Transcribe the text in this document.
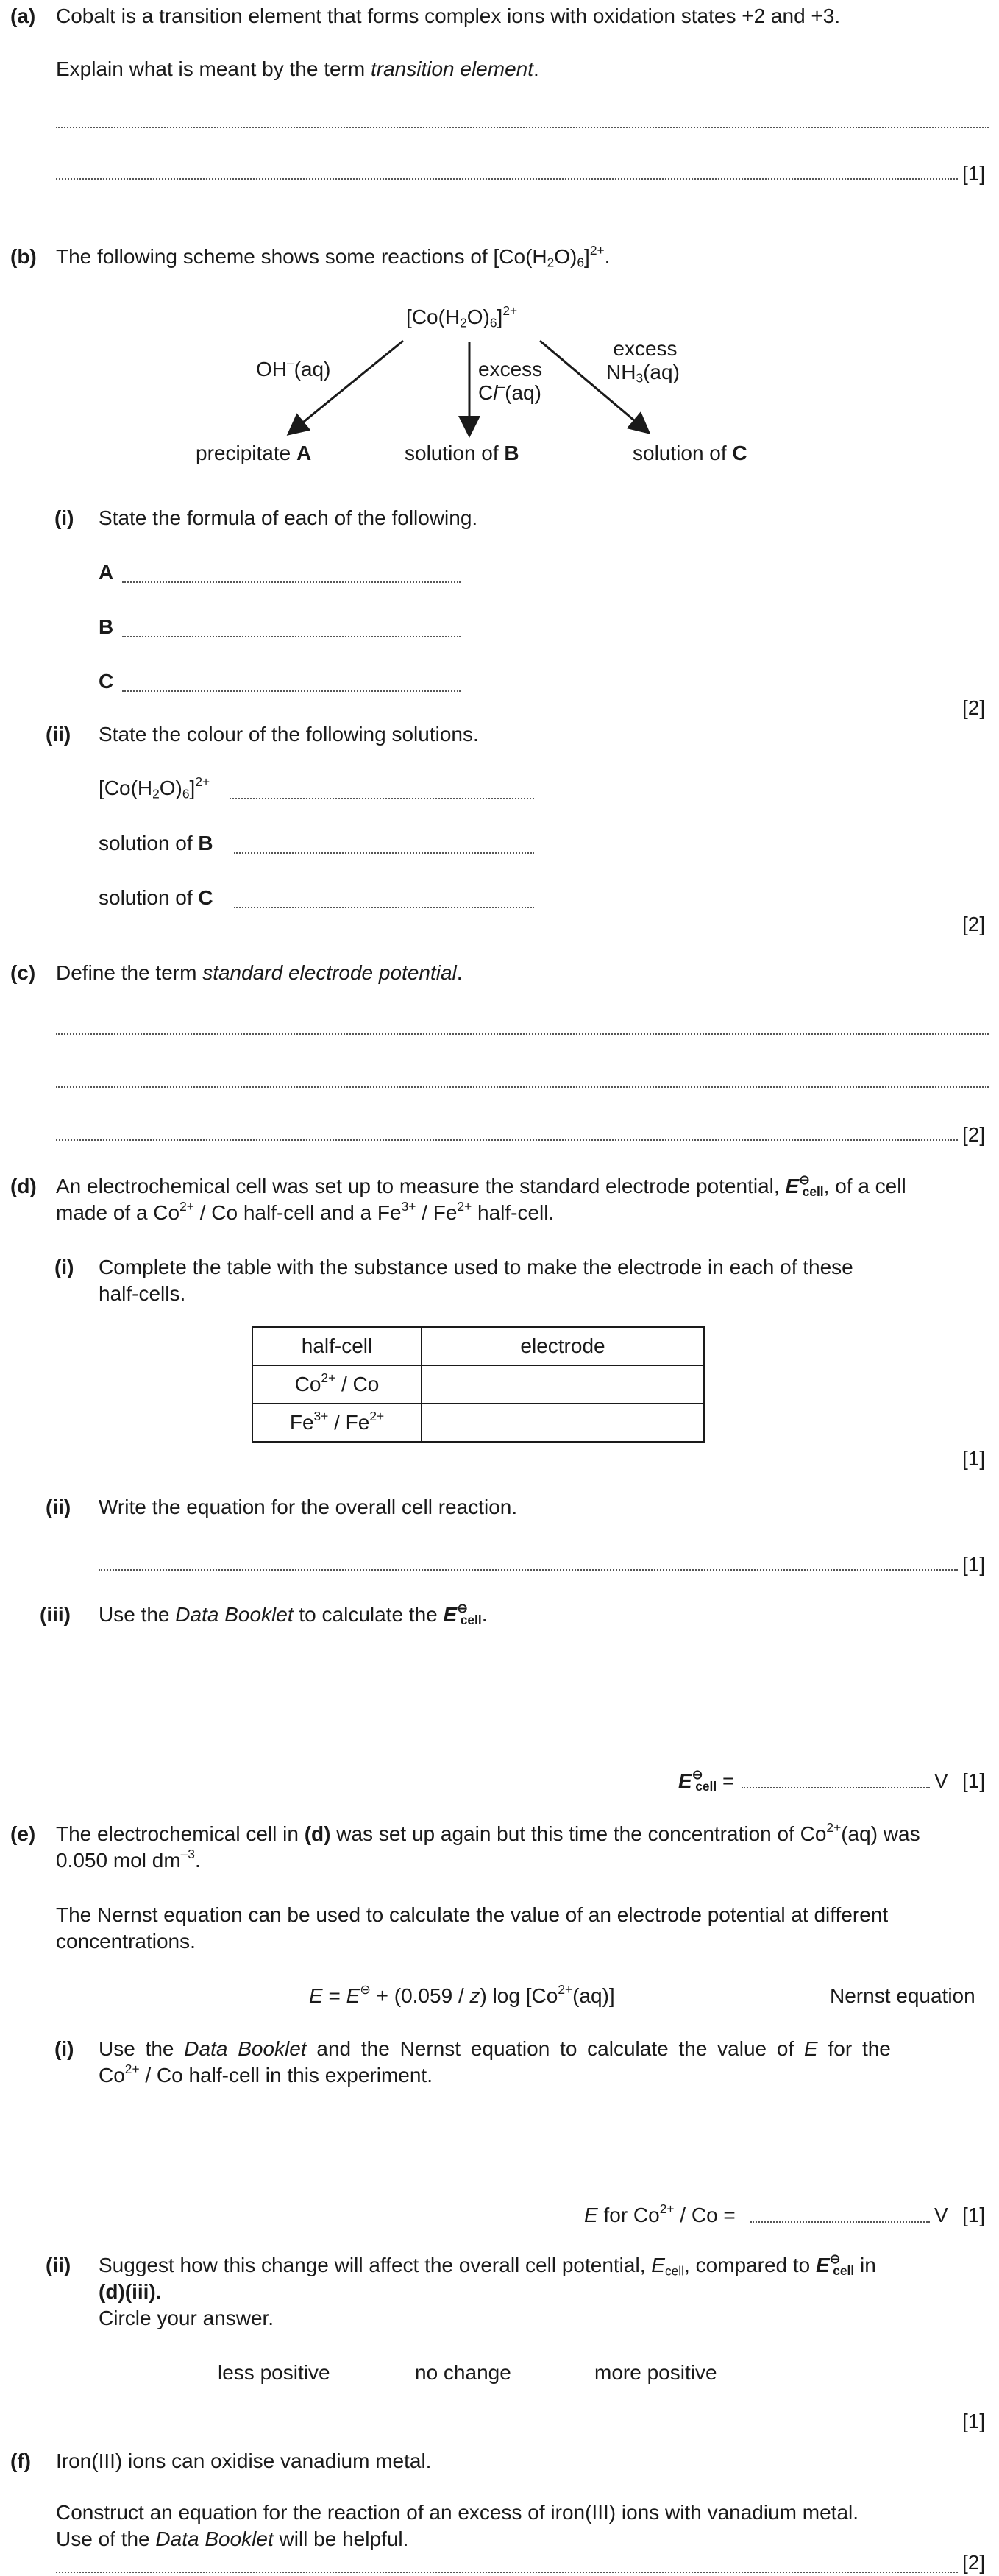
(a) Cobalt is a transition element that forms complex ions with oxidation states +2 and +3.
Explain what is meant by the term transition element.
[1]
(b) The following scheme shows some reactions of $[Co(H_2O)_6]^{2+}$.
$[Co(H_2O)_6]^{2+}$
OH–(aq)	excess
Cl–(aq)
excess
$NH_3(aq)$
precipitate A	solution of B	solution of C
(i) State the formula of each of the following.
A
B
C
[2]
(ii) State the colour of the following solutions.
$[Co(H_2O)_6]^{2+}$
solution of B
solution of C
[2]
(c) Define the term standard electrode potential.
[2]
(d) An electrochemical cell was set up to measure the standard electrode potential, $E^⊖_{cell}$, of a cell
made of a $Co^{2+}$ / Co half-cell and a $Fe^{3+} / Fe^{2+}$ half-cell.
(i) Complete the table with the substance used to make the electrode in each of these
half-cells.
half-cell	electrode
$Co^{2+}$ / Co	
$Fe^{3+} / Fe^{2+}$	
[1]
(ii) Write the equation for the overall cell reaction.
[1]
(iii) Use the Data Booklet to calculate the $E^⊖_{cell}$.
$E^⊖_{cell}$ =	V [1]
(e) The electrochemical cell in (d) was set up again but this time the concentration of $Co^{2+}(aq)$ was
0.050 mol $dm^{-3}$.
The Nernst equation can be used to calculate the value of an electrode potential at different
concentrations.
E = E⊖ + (0.059 / z) $\log [Co^{2+}(aq)]$	Nernst equation
(i) Use the Data Booklet and the Nernst equation to calculate the value of E for the
$Co^{2+}$ / Co half-cell in this experiment.
E for $Co^{2+}$ / Co =	V [1]
(ii) Suggest how this change will affect the overall cell potential, $E_{cell}$, compared to $E^⊖_{cell}$ in
(d)(iii).
Circle your answer.
less positive	no change	more positive
[1]
(f) Iron(III) ions can oxidise vanadium metal.
Construct an equation for the reaction of an excess of iron(III) ions with vanadium metal.
Use of the Data Booklet will be helpful.
[2]
